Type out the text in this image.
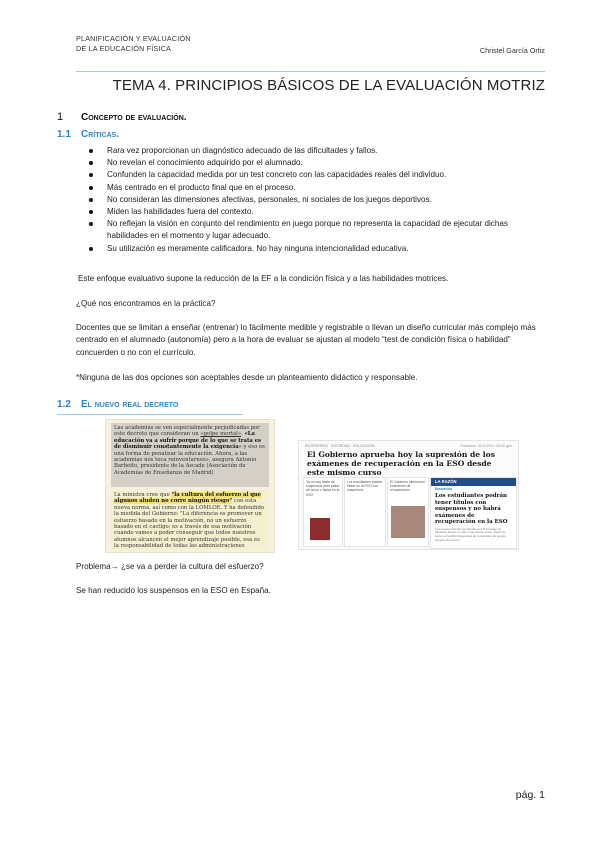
PLANIFICACIÓN Y EVALUACIÓN
DE LA EDUCACIÓN FÍSICA	Christel García Ortiz
TEMA 4. PRINCIPIOS BÁSICOS DE LA EVALUACIÓN MOTRIZ
1 Concepto de evaluación.
1.1 Críticas.
Rara vez proporcionan un diagnóstico adecuado de las dificultades y fallos.
No revelan el conocimiento adquirido por el alumnado.
Confunden la capacidad medida por un test concreto con las capacidades reales del individuo.
Más centrado en el producto final que en el proceso.
No consideran las dimensiones afectivas, personales, ni sociales de los juegos deportivos.
Miden las habilidades fuera del contexto.
No reflejan la visión en conjunto del rendimiento en juego porque no representa la capacidad de ejecutar dichas habilidades en el momento y lugar adecuado.
Su utilización es meramente calificadora. No hay ninguna intencionalidad educativa.
Este enfoque evaluativo supone la reducción de la EF a la condición física y a las habilidades motrices.
¿Qué nos encontramos en la práctica?
Docentes que se limitan a enseñar (entrenar) lo fácilmente medible y registrable o llevan un diseño curricular más complejo más centrado en el alumnado (autonomía) pero a la hora de evaluar se ajustan al modelo “test de condición física o habilidad” concuerden o no con el currículo.
*Ninguna de las dos opciones son aceptables desde un planteamiento didáctico y responsable.
1.2 El nuevo real decreto
Las academias se ven especialmente perjudicadas por este decreto que consideran un «golpe mortal». «La educación va a sufrir porque de lo que se trata es de disminuir constantemente la exigencia» y eso es una forma de penalizar la educación. Ahora, a las academias nos toca reinventarnos», asegura Antonio Barbeito, presidente de la Ascade (Asociación de Academias de Enseñanza de Madrid)
La ministra cree que "la cultura del esfuerzo al que algunos aluden no corre ningún riesgo" con esta nueva norma, así como con la LOMLOE. Y ha defendido la medida del Gobierno: "La diferencia es promover un esfuerzo basado en la motivación, no un esfuerzo basado en el castigo; es a través de esa motivación cuando vamos a poder conseguir que todos nuestros alumnos alcancen el mejor aprendizaje posible, esa es la responsabilidad de todas las administraciones
ENTERPRISE · SOCIEDAD · EDUCACIÓN	Publicado 16/11/2021 08:00 gtm
El Gobierno aprueba hoy la supresión de los exámenes de recuperación en la ESO desde este mismo curso
Ya no hay límite de suspensos para pasar de curso o titular en la ESO
Los estudiantes podrán titular en la ESO con suspensos
El Gobierno elimina los exámenes de recuperación
LA RAZÓN
Educación
Los estudiantes podrán tener títulos con suspensos y no habrá exámenes de recuperación en la ESO
Los nuevos criterios aprobados por el Consejo de Ministros entran en vigor este mismo curso. Pasar de curso en la ESO dependerá de la decisión del equipo docente del centro
Problema→ ¿se va a perder la cultura del esfuerzo?
Se han reducido los suspensos en la ESO en España.
pág. 1
